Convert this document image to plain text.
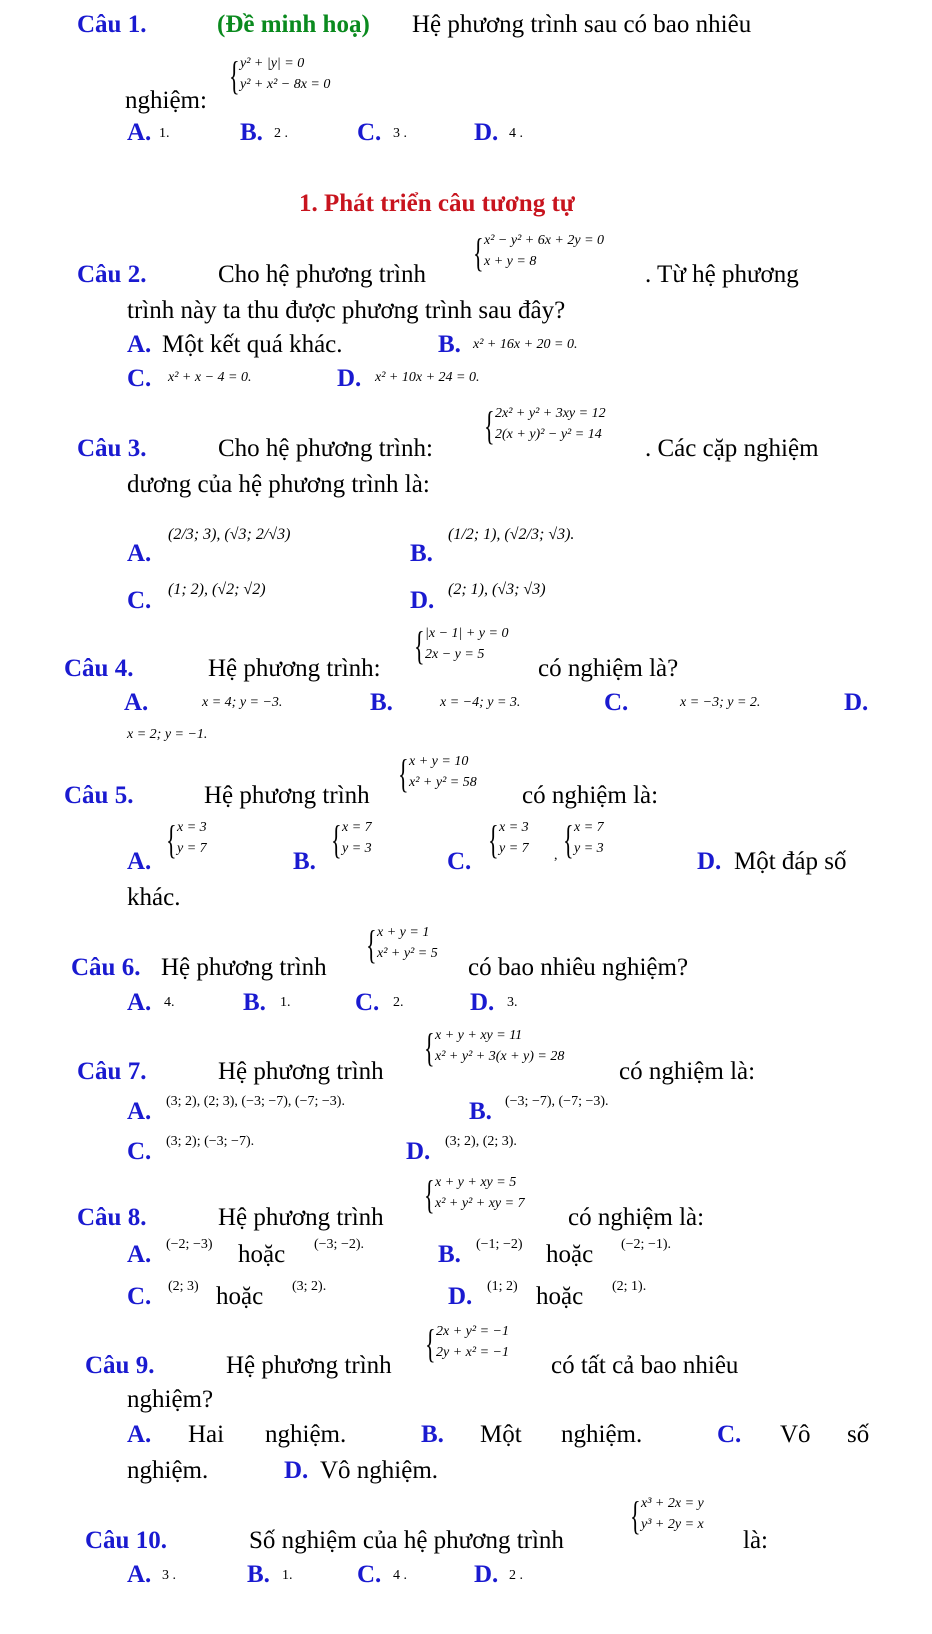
Câu 1.	(Đề minh hoạ) Hệ phương trình sau có bao nhiêu
nghiệm:
{ y² + |y| = 0
y² + x² − 8x = 0
A. 1.	B. 2 .	C. 3 .	D. 4 .
1. Phát triển câu tương tự
Câu 2.	Cho hệ phương trình { x² − y² + 6x + 2y = 0
x + y = 8	. Từ hệ phương
trình này ta thu được phương trình sau đây?
A. Một kết quá khác.	B. x² + 16x + 20 = 0.
C. x² + x − 4 = 0.	D. x² + 10x + 24 = 0.
Câu 3.	Cho hệ phương trình:
{ 2x² + y² + 3xy = 12
2(x + y)² − y² = 14
. Các cặp nghiệm
dương của hệ phương trình là:
A.
(2/3; 3), (√3; 2/√3)
B.
(1/2; 1), (√2/3; √3).
C. (1; 2), (√2; √2)	D. (2; 1), (√3; √3)
Câu 4.	Hệ phương trình:
{ |x − 1| + y = 0
2x − y = 5
có nghiệm là?
A.	x = 4; y = −3.	B.	x = −4; y = 3.	C.	x = −3; y = 2.	D.
x = 2; y = −1.
Câu 5.	Hệ phương trình { x + y = 10
x² + y² = 58 có nghiệm là:
A. { x = 3
y = 7	B. { x = 7
y = 3	C. { x = 3
y = 7 , { x = 7
y = 3	D. Một đáp số
khác.
Câu 6. Hệ phương trình
{ x + y = 1
x² + y² = 5
có bao nhiêu nghiệm?
A. 4.	B. 1.	C. 2.	D. 3.
Câu 7.	Hệ phương trình
{ x + y + xy = 11
x² + y² + 3(x + y) = 28
có nghiệm là:
A. (3; 2), (2; 3), (−3; −7), (−7; −3).	B. (−3; −7), (−7; −3).
C. (3; 2); (−3; −7).	D. (3; 2), (2; 3).
Câu 8.	Hệ phương trình
{ x + y + xy = 5
x² + y² + xy = 7
có nghiệm là:
A. (−2; −3) hoặc (−3; −2).	B. (−1; −2) hoặc (−2; −1).
C. (2; 3) hoặc (3; 2).	D. (1; 2) hoặc (2; 1).
Câu 9.	Hệ phương trình { 2x + y² = −1
2y + x² = −1 có tất cả bao nhiêu
nghiệm?
A. Hai nghiệm.	B. Một nghiệm.	C. Vô số
nghiệm.	D. Vô nghiệm.
Câu 10.	Số nghiệm của hệ phương trình
{ x³ + 2x = y
y³ + 2y = x
là:
A. 3 .	B. 1.	C. 4 .	D. 2 .
